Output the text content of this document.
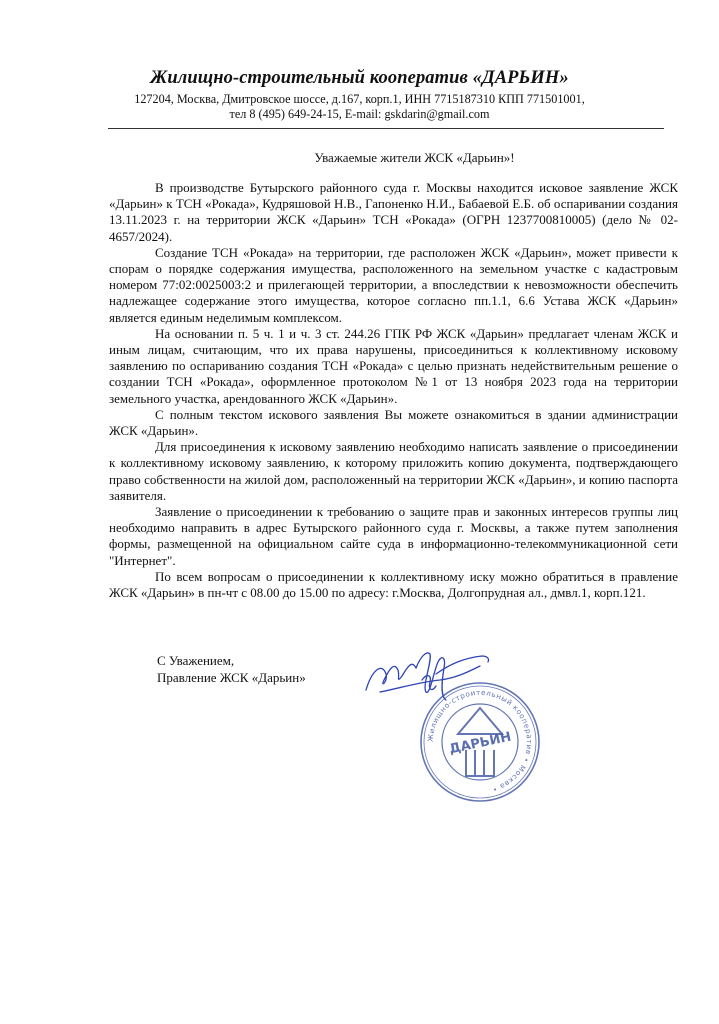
Жилищно-строительный кооператив «ДАРЬИН»
127204, Москва, Дмитровское шоссе, д.167, корп.1, ИНН 7715187310 КПП 771501001,
тел 8 (495) 649-24-15, E-mail: gskdarin@gmail.com
Уважаемые жители ЖСК «Дарьин»!

В производстве Бутырского районного суда г. Москвы находится исковое заявление ЖСК «Дарьин» к ТСН «Рокада», Кудряшовой Н.В., Гапоненко Н.И., Бабаевой Е.Б. об оспаривании создания 13.11.2023 г. на территории ЖСК «Дарьин» ТСН «Рокада» (ОГРН 1237700810005) (дело № 02-4657/2024).

Создание ТСН «Рокада» на территории, где расположен ЖСК «Дарьин», может привести к спорам о порядке содержания имущества, расположенного на земельном участке с кадастровым номером 77:02:0025003:2 и прилегающей территории, а впоследствии к невозможности обеспечить надлежащее содержание этого имущества, которое согласно пп.1.1, 6.6 Устава ЖСК «Дарьин» является единым неделимым комплексом.

На основании п. 5 ч. 1 и ч. 3 ст. 244.26 ГПК РФ ЖСК «Дарьин» предлагает членам ЖСК и иным лицам, считающим, что их права нарушены, присоединиться к коллективному исковому заявлению по оспариванию создания ТСН «Рокада» с целью признать недействительным решение о создании ТСН «Рокада», оформленное протоколом №1 от 13 ноября 2023 года на территории земельного участка, арендованного ЖСК «Дарьин».

С полным текстом искового заявления Вы можете ознакомиться в здании администрации ЖСК «Дарьин».

Для присоединения к исковому заявлению необходимо написать заявление о присоединении к коллективному исковому заявлению, к которому приложить копию документа, подтверждающего право собственности на жилой дом, расположенный на территории ЖСК «Дарьин», и копию паспорта заявителя.

Заявление о присоединении к требованию о защите прав и законных интересов группы лиц необходимо направить в адрес Бутырского районного суда г. Москвы, а также путем заполнения формы, размещенной на официальном сайте суда в информационно-телекоммуникационной сети "Интернет".

По всем вопросам о присоединении к коллективному иску можно обратиться в правление ЖСК «Дарьин» в пн-чт с 08.00 до 15.00 по адресу: г.Москва, Долгопрудная ал., дмвл.1, корп.121.

С Уважением,
Правление ЖСК «Дарьин»
Жилищно-строительный кооператив • Москва •
ДАРЬИН
